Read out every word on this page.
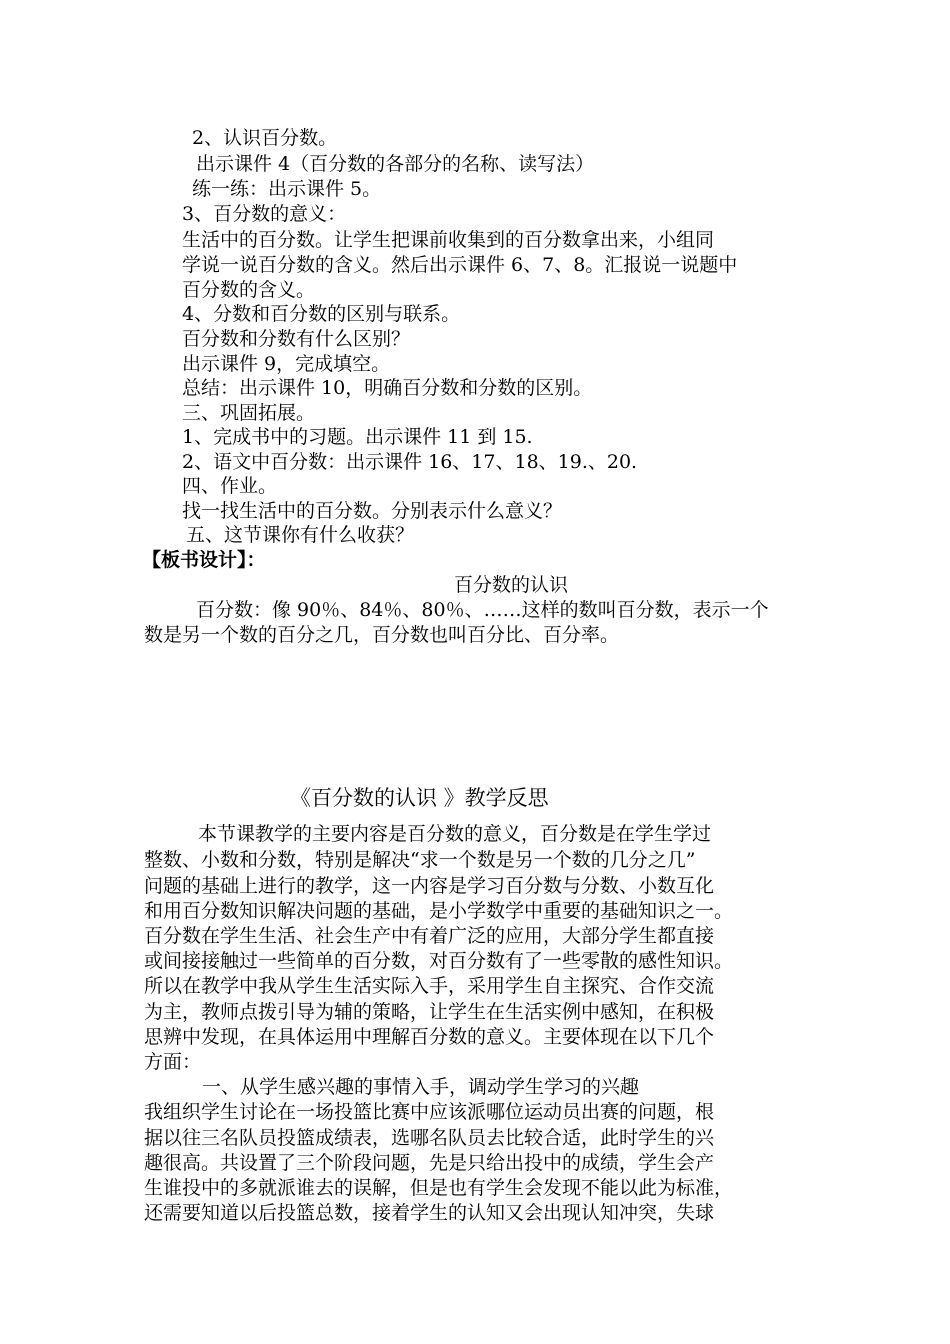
2、认识百分数。
出示课件 4（百分数的各部分的名称、读写法）
练一练：出示课件 5。
3、百分数的意义：
生活中的百分数。让学生把课前收集到的百分数拿出来，小组同
学说一说百分数的含义。然后出示课件 6、7、8。汇报说一说题中
百分数的含义。
4、分数和百分数的区别与联系。
百分数和分数有什么区别？
出示课件 9，完成填空。
总结：出示课件 10，明确百分数和分数的区别。
三、巩固拓展。
1、完成书中的习题。出示课件 11 到 15.
2、语文中百分数：出示课件 16、17、18、19.、20.
四、作业。
找一找生活中的百分数。分别表示什么意义？
五、这节课你有什么收获？
【板书设计】：
百分数的认识
百分数：像 90％、84％、80％、……这样的数叫百分数，表示一个
数是另一个数的百分之几，百分数也叫百分比、百分率。
《百分数的认识 》教学反思
本节课教学的主要内容是百分数的意义，百分数是在学生学过
整数、小数和分数，特别是解决“求一个数是另一个数的几分之几”
问题的基础上进行的教学，这一内容是学习百分数与分数、小数互化
和用百分数知识解决问题的基础，是小学数学中重要的基础知识之一。
百分数在学生生活、社会生产中有着广泛的应用，大部分学生都直接
或间接接触过一些简单的百分数，对百分数有了一些零散的感性知识。
所以在教学中我从学生生活实际入手，采用学生自主探究、合作交流
为主，教师点拨引导为辅的策略，让学生在生活实例中感知，在积极
思辨中发现，在具体运用中理解百分数的意义。主要体现在以下几个
方面：
一、从学生感兴趣的事情入手，调动学生学习的兴趣
我组织学生讨论在一场投篮比赛中应该派哪位运动员出赛的问题，根
据以往三名队员投篮成绩表，选哪名队员去比较合适，此时学生的兴
趣很高。共设置了三个阶段问题，先是只给出投中的成绩，学生会产
生谁投中的多就派谁去的误解，但是也有学生会发现不能以此为标准，
还需要知道以后投篮总数，接着学生的认知又会出现认知冲突，失球
